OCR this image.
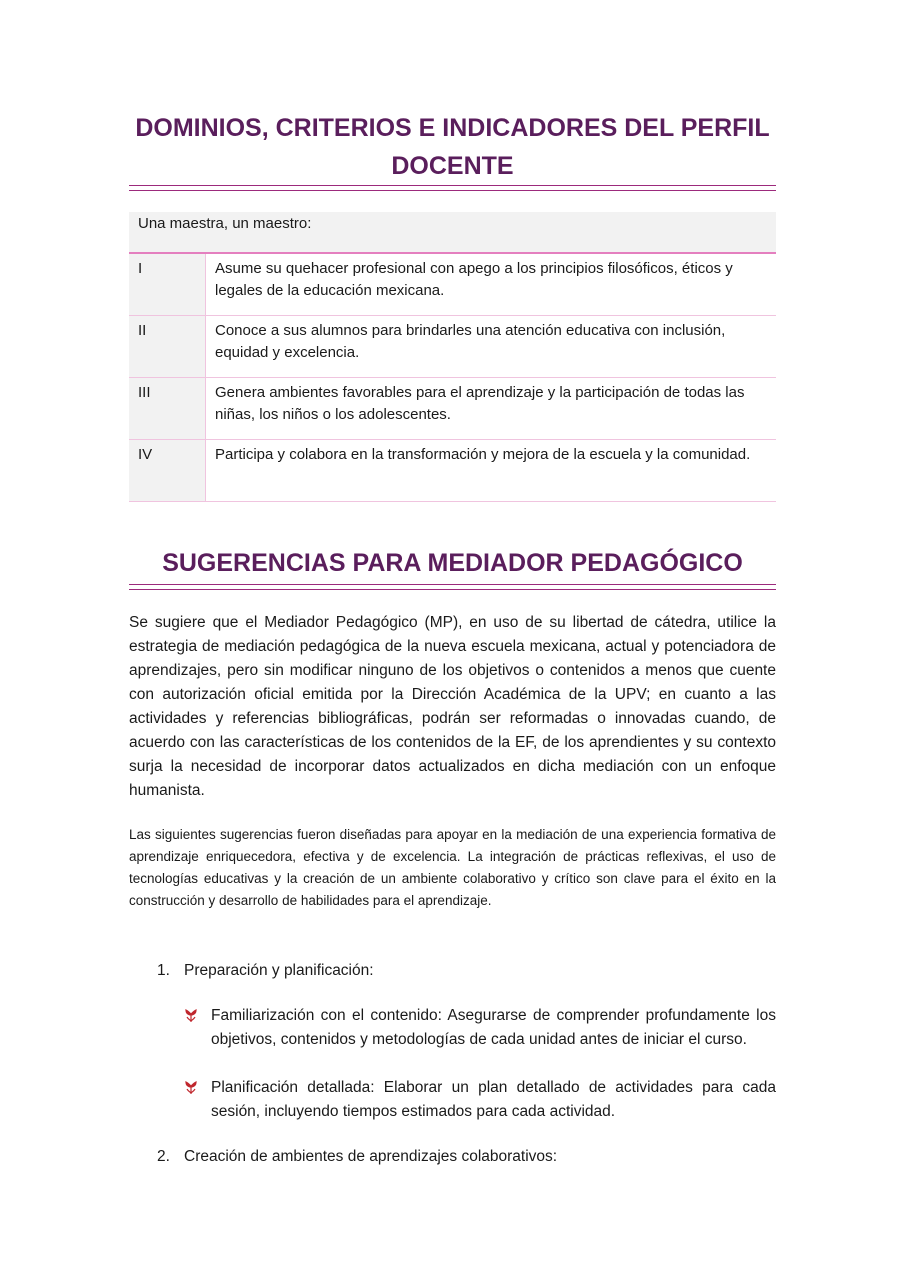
DOMINIOS, CRITERIOS E INDICADORES DEL PERFIL
DOCENTE
Una maestra, un maestro:	
I	Asume su quehacer profesional con apego a los principios filosóficos, éticos y legales de la educación mexicana.
II	Conoce a sus alumnos para brindarles una atención educativa con inclusión, equidad y excelencia.
III	Genera ambientes favorables para el aprendizaje y la participación de todas las niñas, los niños o los adolescentes.
IV	Participa y colabora en la transformación y mejora de la escuela y la comunidad.
SUGERENCIAS PARA MEDIADOR PEDAGÓGICO

Se sugiere que el Mediador Pedagógico (MP), en uso de su libertad de cátedra, utilice la estrategia de mediación pedagógica de la nueva escuela mexicana, actual y potenciadora de aprendizajes, pero sin modificar ninguno de los objetivos o contenidos a menos que cuente con autorización oficial emitida por la Dirección Académica de la UPV; en cuanto a las actividades y referencias bibliográficas, podrán ser reformadas o innovadas cuando, de acuerdo con las características de los contenidos de la EF, de los aprendientes y su contexto surja la necesidad de incorporar datos actualizados en dicha mediación con un enfoque humanista.

Las siguientes sugerencias fueron diseñadas para apoyar en la mediación de una experiencia formativa de aprendizaje enriquecedora, efectiva y de excelencia. La integración de prácticas reflexivas, el uso de tecnologías educativas y la creación de un ambiente colaborativo y crítico son clave para el éxito en la construcción y desarrollo de habilidades para el aprendizaje.

1. Preparación y planificación:
Familiarización con el contenido: Asegurarse de comprender profundamente los objetivos, contenidos y metodologías de cada unidad antes de iniciar el curso.
Planificación detallada: Elaborar un plan detallado de actividades para cada sesión, incluyendo tiempos estimados para cada actividad.
2. Creación de ambientes de aprendizajes colaborativos:
